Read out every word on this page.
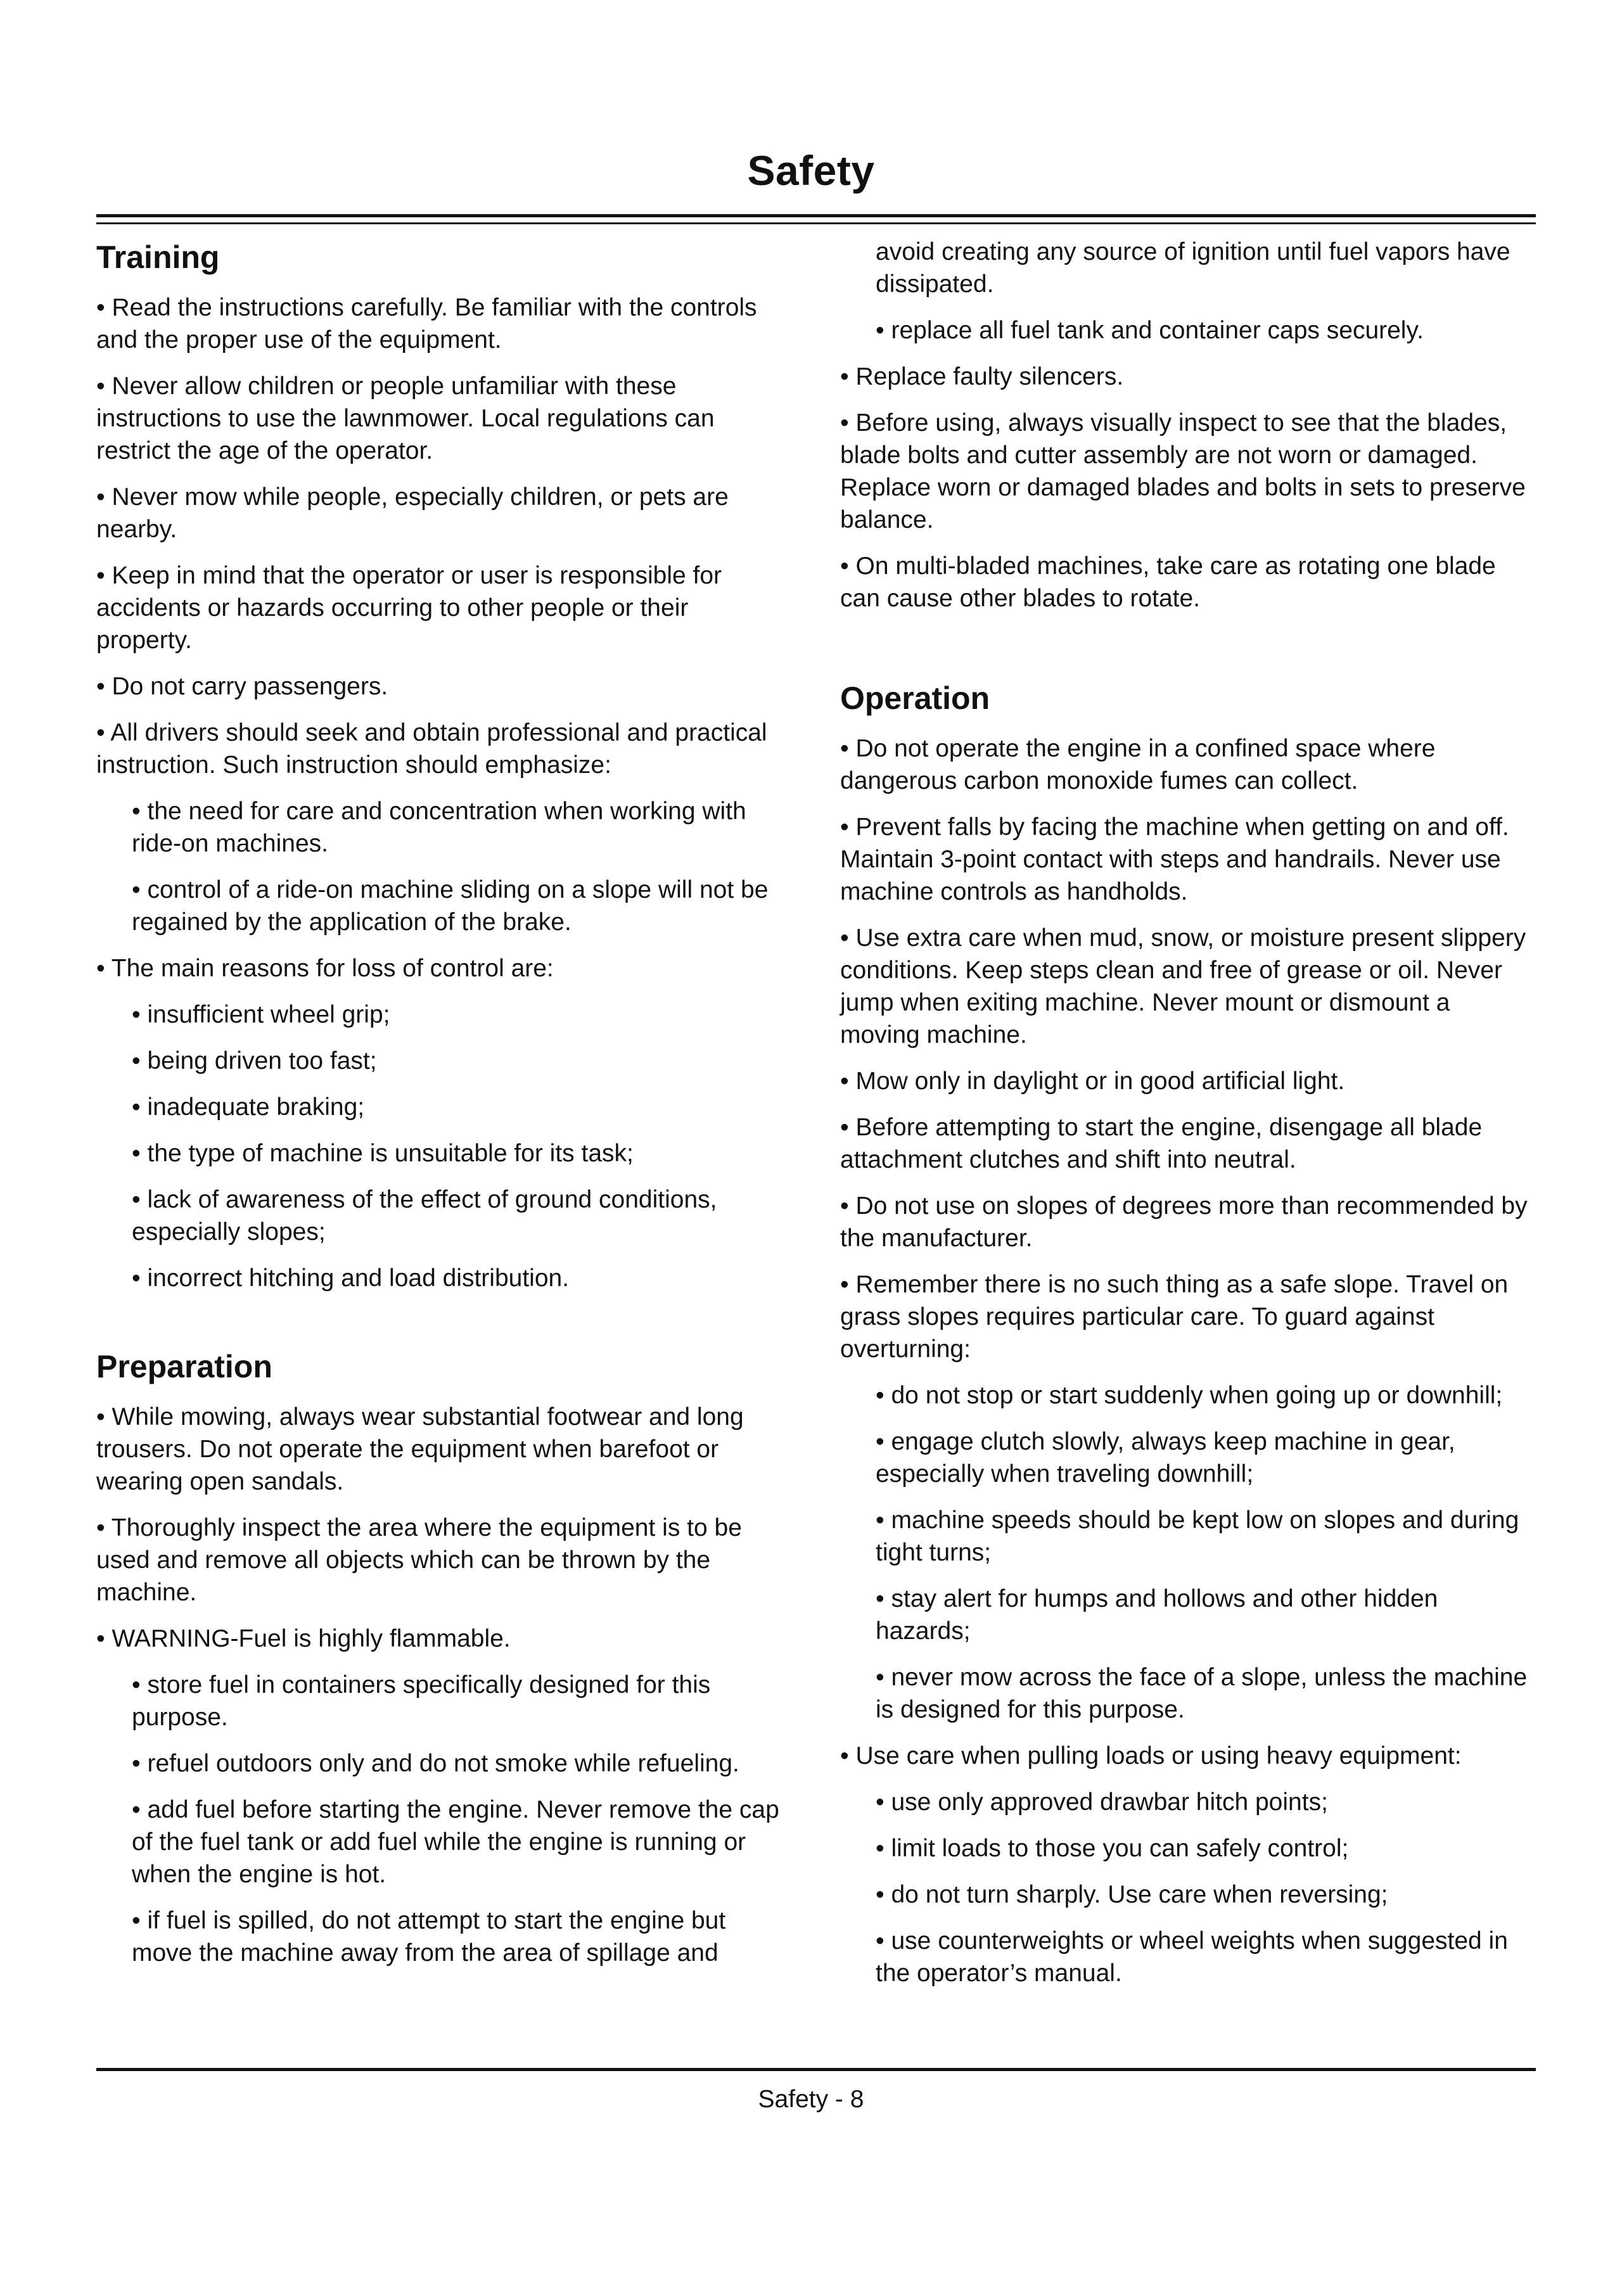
Safety
Training

• Read the instructions carefully. Be familiar with the controls and the proper use of the equipment.

• Never allow children or people unfamiliar with these instructions to use the lawnmower. Local regulations can restrict the age of the operator.

• Never mow while people, especially children, or pets are nearby.

• Keep in mind that the operator or user is responsible for accidents or hazards occurring to other people or their property.

• Do not carry passengers.

• All drivers should seek and obtain professional and practical instruction. Such instruction should emphasize:

• the need for care and concentration when working with ride-on machines.

• control of a ride-on machine sliding on a slope will not be regained by the application of the brake.

• The main reasons for loss of control are:

• insufficient wheel grip;

• being driven too fast;

• inadequate braking;

• the type of machine is unsuitable for its task;

• lack of awareness of the effect of ground conditions, especially slopes;

• incorrect hitching and load distribution.

Preparation

• While mowing, always wear substantial footwear and long trousers. Do not operate the equipment when barefoot or wearing open sandals.

• Thoroughly inspect the area where the equipment is to be used and remove all objects which can be thrown by the machine.

• WARNING-Fuel is highly flammable.

• store fuel in containers specifically designed for this purpose.

• refuel outdoors only and do not smoke while refueling.

• add fuel before starting the engine. Never remove the cap of the fuel tank or add fuel while the engine is running or when the engine is hot.

• if fuel is spilled, do not attempt to start the engine but move the machine away from the area of spillage and

avoid creating any source of ignition until fuel vapors have dissipated.

• replace all fuel tank and container caps securely.

• Replace faulty silencers.

• Before using, always visually inspect to see that the blades, blade bolts and cutter assembly are not worn or damaged. Replace worn or damaged blades and bolts in sets to preserve balance.

• On multi-bladed machines, take care as rotating one blade can cause other blades to rotate.

Operation

• Do not operate the engine in a confined space where dangerous carbon monoxide fumes can collect.

• Prevent falls by facing the machine when getting on and off. Maintain 3-point contact with steps and handrails. Never use machine controls as handholds.

• Use extra care when mud, snow, or moisture present slippery conditions. Keep steps clean and free of grease or oil. Never jump when exiting machine. Never mount or dismount a moving machine.

• Mow only in daylight or in good artificial light.

• Before attempting to start the engine, disengage all blade attachment clutches and shift into neutral.

• Do not use on slopes of degrees more than recommended by the manufacturer.

• Remember there is no such thing as a safe slope. Travel on grass slopes requires particular care. To guard against overturning:

• do not stop or start suddenly when going up or downhill;

• engage clutch slowly, always keep machine in gear, especially when traveling downhill;

• machine speeds should be kept low on slopes and during tight turns;

• stay alert for humps and hollows and other hidden hazards;

• never mow across the face of a slope, unless the machine is designed for this purpose.

• Use care when pulling loads or using heavy equipment:

• use only approved drawbar hitch points;

• limit loads to those you can safely control;

• do not turn sharply. Use care when reversing;

• use counterweights or wheel weights when suggested in the operator’s manual.

Safety - 8
